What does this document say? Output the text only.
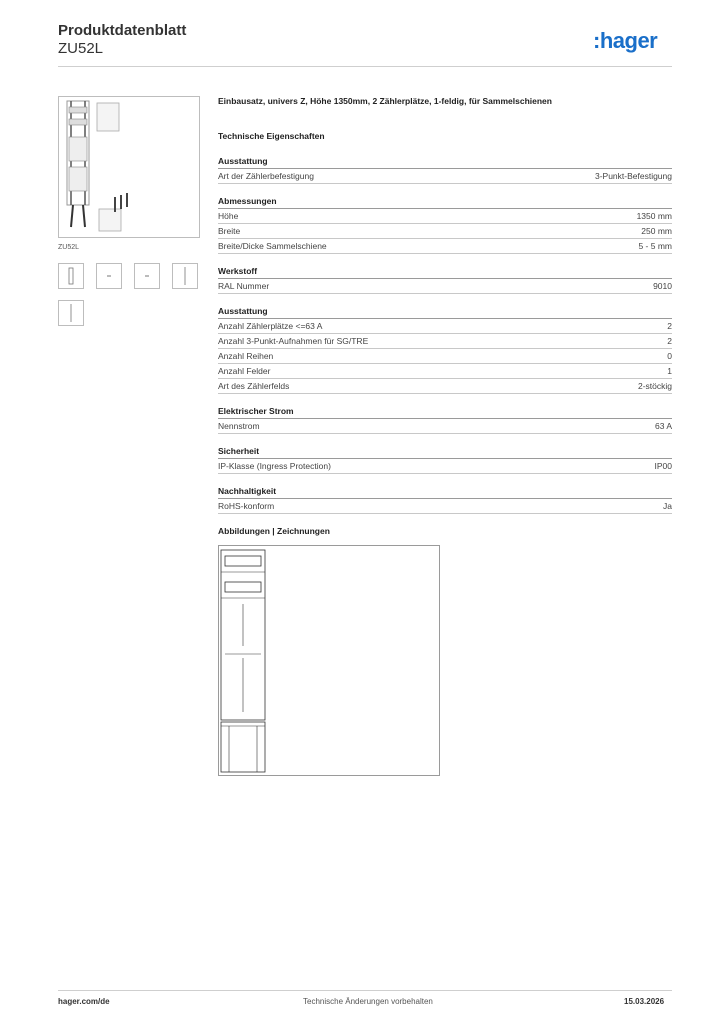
Produktdatenblatt
ZU52L	:hager
ZU52L
Einbausatz, univers Z, Höhe 1350mm, 2 Zählerplätze, 1-feldig, für Sammelschienen
Technische Eigenschaften
Ausstattung
Art der Zählerbefestigung	3-Punkt-Befestigung
Abmessungen
Höhe	1350 mm
Breite	250 mm
Breite/Dicke Sammelschiene	5 - 5 mm
Werkstoff
RAL Nummer	9010
Ausstattung
Anzahl Zählerplätze <=63 A	2
Anzahl 3-Punkt-Aufnahmen für SG/TRE	2
Anzahl Reihen	0
Anzahl Felder	1
Art des Zählerfelds	2-stöckig
Elektrischer Strom
Nennstrom	63 A
Sicherheit
IP-Klasse (Ingress Protection)	IP00
Nachhaltigkeit
RoHS-konform	Ja
Abbildungen | Zeichnungen
hager.com/de	Technische Änderungen vorbehalten	15.03.2026
